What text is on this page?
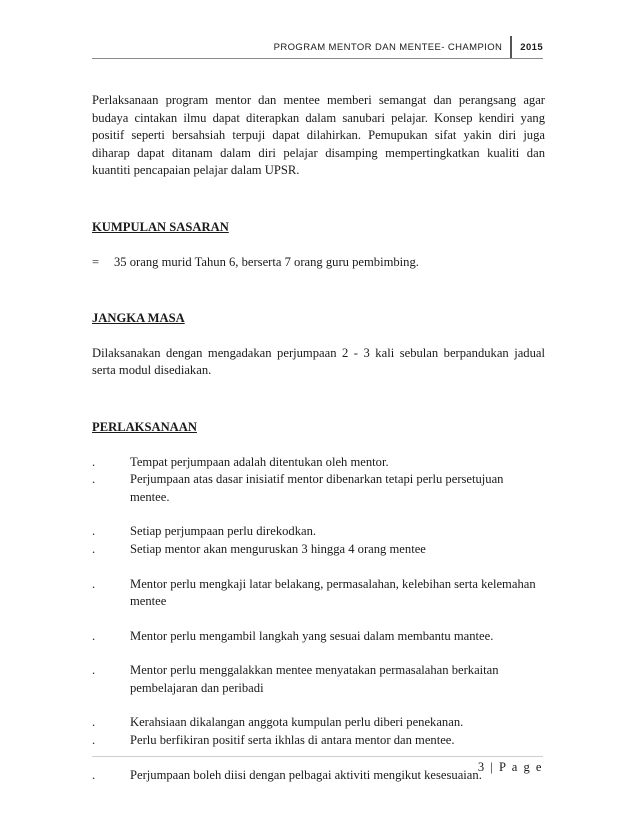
PROGRAM MENTOR DAN MENTEE- CHAMPION	2015

Perlaksanaan program mentor dan mentee memberi semangat dan perangsang agar budaya cintakan ilmu dapat diterapkan dalam sanubari pelajar. Konsep kendiri yang positif seperti bersahsiah terpuji dapat dilahirkan. Pemupukan sifat yakin diri juga diharap dapat ditanam dalam diri pelajar disamping mempertingkatkan kualiti dan kuantiti pencapaian pelajar dalam UPSR.

KUMPULAN SASARAN

=	35 orang murid Tahun 6, berserta 7 orang guru pembimbing.

JANGKA MASA

Dilaksanakan dengan mengadakan perjumpaan 2 - 3 kali sebulan berpandukan jadual serta modul disediakan.

PERLAKSANAAN

.	Tempat perjumpaan adalah ditentukan oleh mentor.
.	Perjumpaan atas dasar inisiatif mentor dibenarkan tetapi perlu persetujuan mentee.
.	Setiap perjumpaan perlu direkodkan.
.	Setiap mentor akan menguruskan 3 hingga 4 orang mentee
.	Mentor perlu mengkaji latar belakang, permasalahan, kelebihan serta kelemahan mentee
.	Mentor perlu mengambil langkah yang sesuai dalam membantu mantee.
.	Mentor perlu menggalakkan mentee menyatakan permasalahan berkaitan pembelajaran dan peribadi
.	Kerahsiaan dikalangan anggota kumpulan perlu diberi penekanan.
.	Perlu berfikiran positif serta ikhlas di antara mentor dan mentee.
.	Perjumpaan boleh diisi dengan pelbagai aktiviti mengikut kesesuaian.
3 | P a g e
